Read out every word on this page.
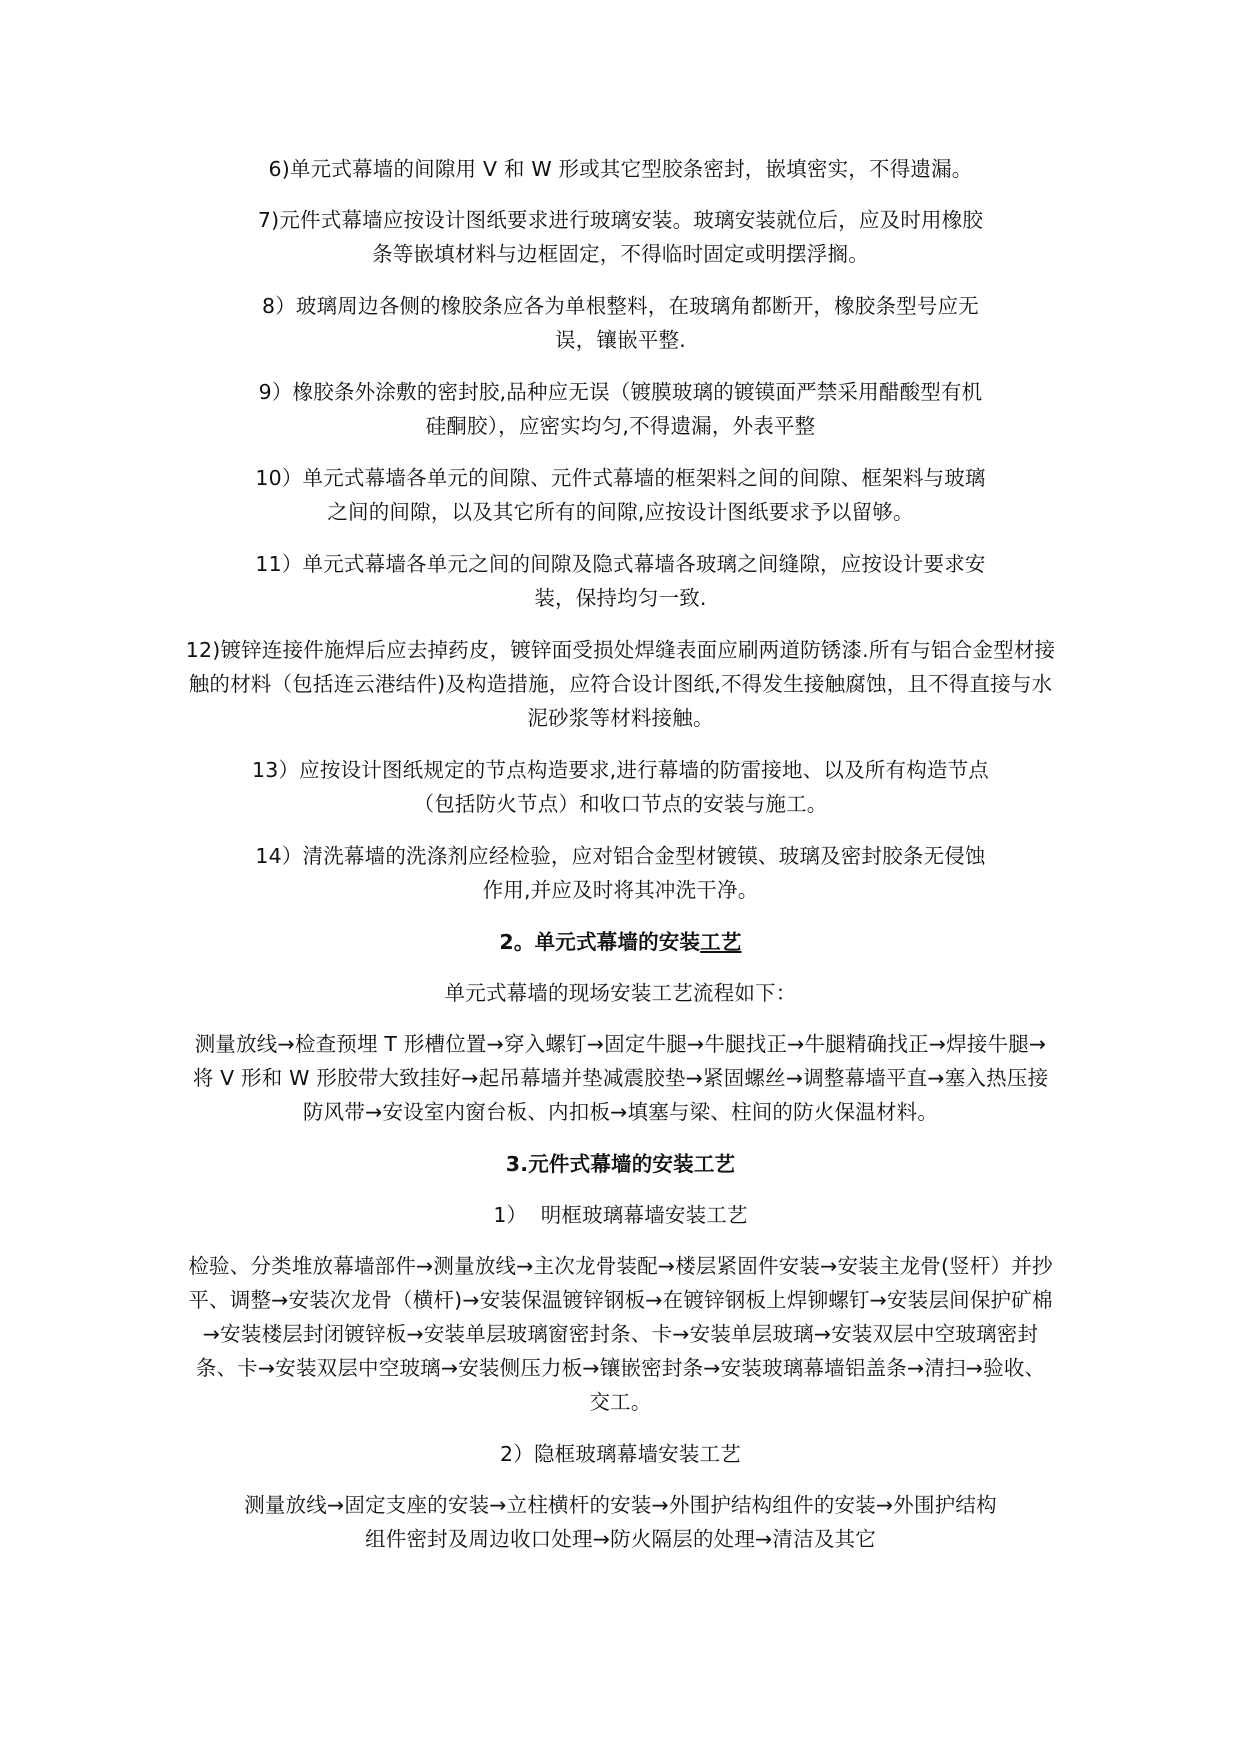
6)单元式幕墙的间隙用 V 和 W 形或其它型胶条密封，嵌填密实，不得遗漏。

7)元件式幕墙应按设计图纸要求进行玻璃安装。玻璃安装就位后，应及时用橡胶条等嵌填材料与边框固定，不得临时固定或明摆浮搁。

8）玻璃周边各侧的橡胶条应各为单根整料，在玻璃角都断开，橡胶条型号应无误，镶嵌平整.

9）橡胶条外涂敷的密封胶,品种应无误（镀膜玻璃的镀镆面严禁采用醋酸型有机硅酮胶），应密实均匀,不得遗漏，外表平整

10）单元式幕墙各单元的间隙、元件式幕墙的框架料之间的间隙、框架料与玻璃之间的间隙，以及其它所有的间隙,应按设计图纸要求予以留够。

11）单元式幕墙各单元之间的间隙及隐式幕墙各玻璃之间缝隙，应按设计要求安装，保持均匀一致.

12)镀锌连接件施焊后应去掉药皮，镀锌面受损处焊缝表面应刷两道防锈漆.所有与铝合金型材接触的材料（包括连云港结件)及构造措施，应符合设计图纸,不得发生接触腐蚀，且不得直接与水泥砂浆等材料接触。

13）应按设计图纸规定的节点构造要求,进行幕墙的防雷接地、以及所有构造节点（包括防火节点）和收口节点的安装与施工。

14）清洗幕墙的洗涤剂应经检验，应对铝合金型材镀镆、玻璃及密封胶条无侵蚀作用,并应及时将其冲洗干净。

2。单元式幕墙的安装工艺

单元式幕墙的现场安装工艺流程如下：

测量放线→检查预埋 T 形槽位置→穿入螺钉→固定牛腿→牛腿找正→牛腿精确找正→焊接牛腿→将 V 形和 W 形胶带大致挂好→起吊幕墙并垫减震胶垫→紧固螺丝→调整幕墙平直→塞入热压接防风带→安设室内窗台板、内扣板→填塞与梁、柱间的防火保温材料。

3.元件式幕墙的安装工艺

1）  明框玻璃幕墙安装工艺

检验、分类堆放幕墙部件→测量放线→主次龙骨装配→楼层紧固件安装→安装主龙骨(竖杆）并抄平、调整→安装次龙骨（横杆)→安装保温镀锌钢板→在镀锌钢板上焊铆螺钉→安装层间保护矿棉→安装楼层封闭镀锌板→安装单层玻璃窗密封条、卡→安装单层玻璃→安装双层中空玻璃密封条、卡→安装双层中空玻璃→安装侧压力板→镶嵌密封条→安装玻璃幕墙铝盖条→清扫→验收、交工。

2）隐框玻璃幕墙安装工艺

测量放线→固定支座的安装→立柱横杆的安装→外围护结构组件的安装→外围护结构组件密封及周边收口处理→防火隔层的处理→清洁及其它
